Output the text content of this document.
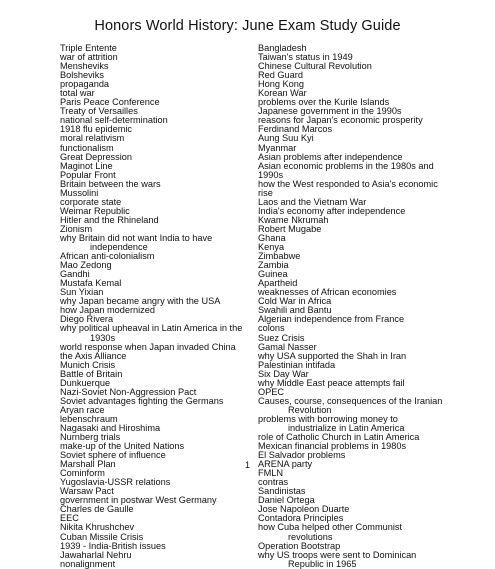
Honors World History: June Exam Study Guide
Triple Entente
war of attrition
Mensheviks
Bolsheviks
propaganda
total war
Paris Peace Conference
Treaty of Versailles
national self-determination
1918 flu epidemic
moral relativism
functionalism
Great Depression
Maginot Line
Popular Front
Britain between the wars
Mussolini
corporate state
Weimar Republic
Hitler and the Rhineland
Zionism
why Britain did not want India to have
independence
African anti-colonialism
Mao Zedong
Gandhi
Mustafa Kemal
Sun Yixian
why Japan became angry with the USA
how Japan modernized
Diego Rivera
why political upheaval in Latin America in the
1930s
world response when Japan invaded China
the Axis Alliance
Munich Crisis
Battle of Britain
Dunkuerque
Nazi-Soviet Non-Aggression Pact
Soviet advantages fighting the Germans
Aryan race
lebenschraum
Nagasaki and Hiroshima
Nurnberg trials
make-up of the United Nations
Soviet sphere of influence
Marshall Plan
Cominform
Yugoslavia-USSR relations
Warsaw Pact
government in postwar West Germany
Charles de Gaulle
EEC
Nikita Khrushchev
Cuban Missile Crisis
1939 - India-British issues
Jawaharlal Nehru
nonalignment
Bangladesh
Taiwan's status in 1949
Chinese Cultural Revolution
Red Guard
Hong Kong
Korean War
problems over the Kurile Islands
Japanese government in the 1990s
reasons for Japan's economic prosperity
Ferdinand Marcos
Aung Suu Kyi
Myanmar
Asian problems after independence
Asian economic problems in the 1980s and
1990s
how the West responded to Asia's economic
rise
Laos and the Vietnam War
India's economy after independence
Kwame Nkrumah
Robert Mugabe
Ghana
Kenya
Zimbabwe
Zambia
Guinea
Apartheid
weaknesses of African economies
Cold War in Africa
Swahili and Bantu
Algerian independence from France
colons
Suez Crisis
Gamal Nasser
why USA supported the Shah in Iran
Palestinian intifada
Six Day War
why Middle East peace attempts fail
OPEC
Causes, course, consequences of the Iranian
Revolution
problems with borrowing money to
industrialize in Latin America
role of Catholic Church in Latin America
Mexican financial problems in 1980s
El Salvador problems
ARENA party
FMLN
contras
Sandinistas
Daniel Ortega
Jose Napoleon Duarte
Contadora Principles
how Cuba helped other Communist
revolutions
Operation Bootstrap
why US troops were sent to Dominican
Republic in 1965
1
